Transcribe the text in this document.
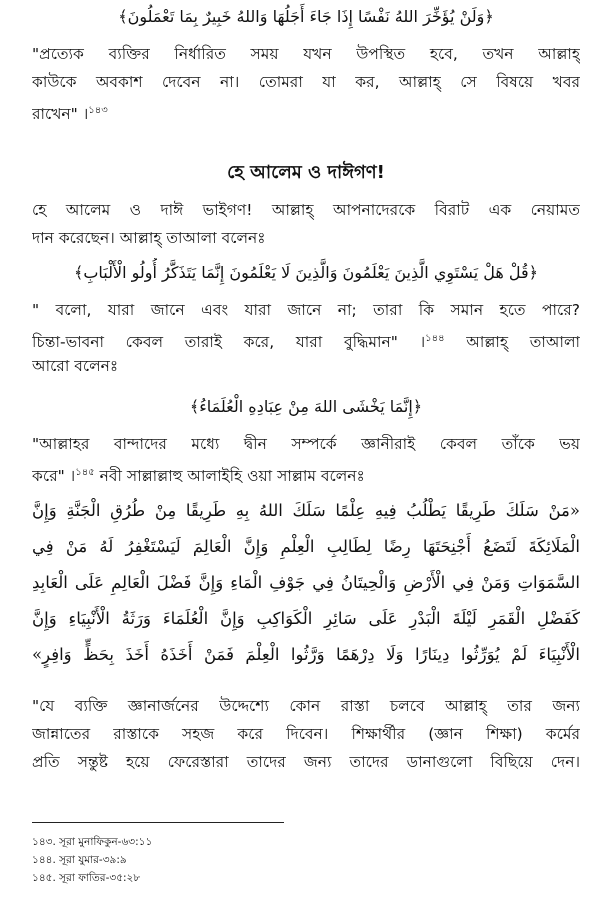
﴿وَلَنْ يُؤَخِّرَ اللهُ نَفْسًا إِذَا جَاءَ أَجَلُهَا وَاللهُ خَبِيرٌ بِمَا تَعْمَلُونَ﴾
"প্রত্যেক ব্যক্তির নির্ধারিত সময় যখন উপস্থিত হবে, তখন আল্লাহ্
কাউকে অবকাশ দেবেন না। তোমরা যা কর, আল্লাহ্ সে বিষয়ে খবর
রাখেন" ।$^{১৪৩}$
হে আলেম ও দাঈগণ!
হে আলেম ও দাঈ ভাইগণ! আল্লাহ্ আপনাদেরকে বিরাট এক নেয়ামত
দান করেছেন। আল্লাহ্ তাআলা বলেনঃ
﴿قُلْ هَلْ يَسْتَوِي الَّذِينَ يَعْلَمُونَ وَالَّذِينَ لَا يَعْلَمُونَ إِنَّمَا يَتَذَكَّرُ أُولُو الْأَلْبَابِ﴾
" বলো, যারা জানে এবং যারা জানে না; তারা কি সমান হতে পারে?
চিন্তা-ভাবনা কেবল তারাই করে, যারা বুদ্ধিমান" ।$^{১৪৪}$ আল্লাহ্ তাআলা
আরো বলেনঃ
﴿إِنَّمَا يَخْشَى اللهَ مِنْ عِبَادِهِ الْعُلَمَاءُ﴾
"আল্লাহর বান্দাদের মধ্যে দ্বীন সম্পর্কে জ্ঞানীরাই কেবল তাঁকে ভয়
করে" ।$^{১৪৫}$ নবী সাল্লাল্লাহু আলাইহি ওয়া সাল্লাম বলেনঃ
«مَنْ سَلَكَ طَرِيقًا يَطْلُبُ فِيهِ عِلْمًا سَلَكَ اللهُ بِهِ طَرِيقًا مِنْ طُرُقِ الْجَنَّةِ وَإِنَّ
الْمَلَائِكَةَ لَتَضَعُ أَجْنِحَتَهَا رِضًا لِطَالِبِ الْعِلْمِ وَإِنَّ الْعَالِمَ لَيَسْتَغْفِرُ لَهُ مَنْ فِي
السَّمَوَاتِ وَمَنْ فِي الْأَرْضِ وَالْحِيتَانُ فِي جَوْفِ الْمَاءِ وَإِنَّ فَضْلَ الْعَالِمِ عَلَى الْعَابِدِ
كَفَضْلِ الْقَمَرِ لَيْلَةَ الْبَدْرِ عَلَى سَائِرِ الْكَوَاكِبِ وَإِنَّ الْعُلَمَاءَ وَرَثَةُ الْأَنْبِيَاءِ وَإِنَّ
الْأَنْبِيَاءَ لَمْ يُوَرِّثُوا دِينَارًا وَلَا دِرْهَمًا وَرَّثُوا الْعِلْمَ فَمَنْ أَخَذَهُ أَخَذَ بِحَظٍّ وَافِرٍ»
"যে ব্যক্তি জ্ঞানার্জনের উদ্দেশ্যে কোন রাস্তা চলবে আল্লাহ্ তার জন্য
জান্নাতের রাস্তাকে সহজ করে দিবেন। শিক্ষার্থীর (জ্ঞান শিক্ষা) কর্মের
প্রতি সন্তুষ্ট হয়ে ফেরেস্তারা তাদের জন্য তাদের ডানাগুলো বিছিয়ে দেন।
১৪৩. সূরা মুনাফিকুন-৬৩:১১
১৪৪. সূরা যুমার-৩৯:৯
১৪৫. সূরা ফাতির-৩৫:২৮
